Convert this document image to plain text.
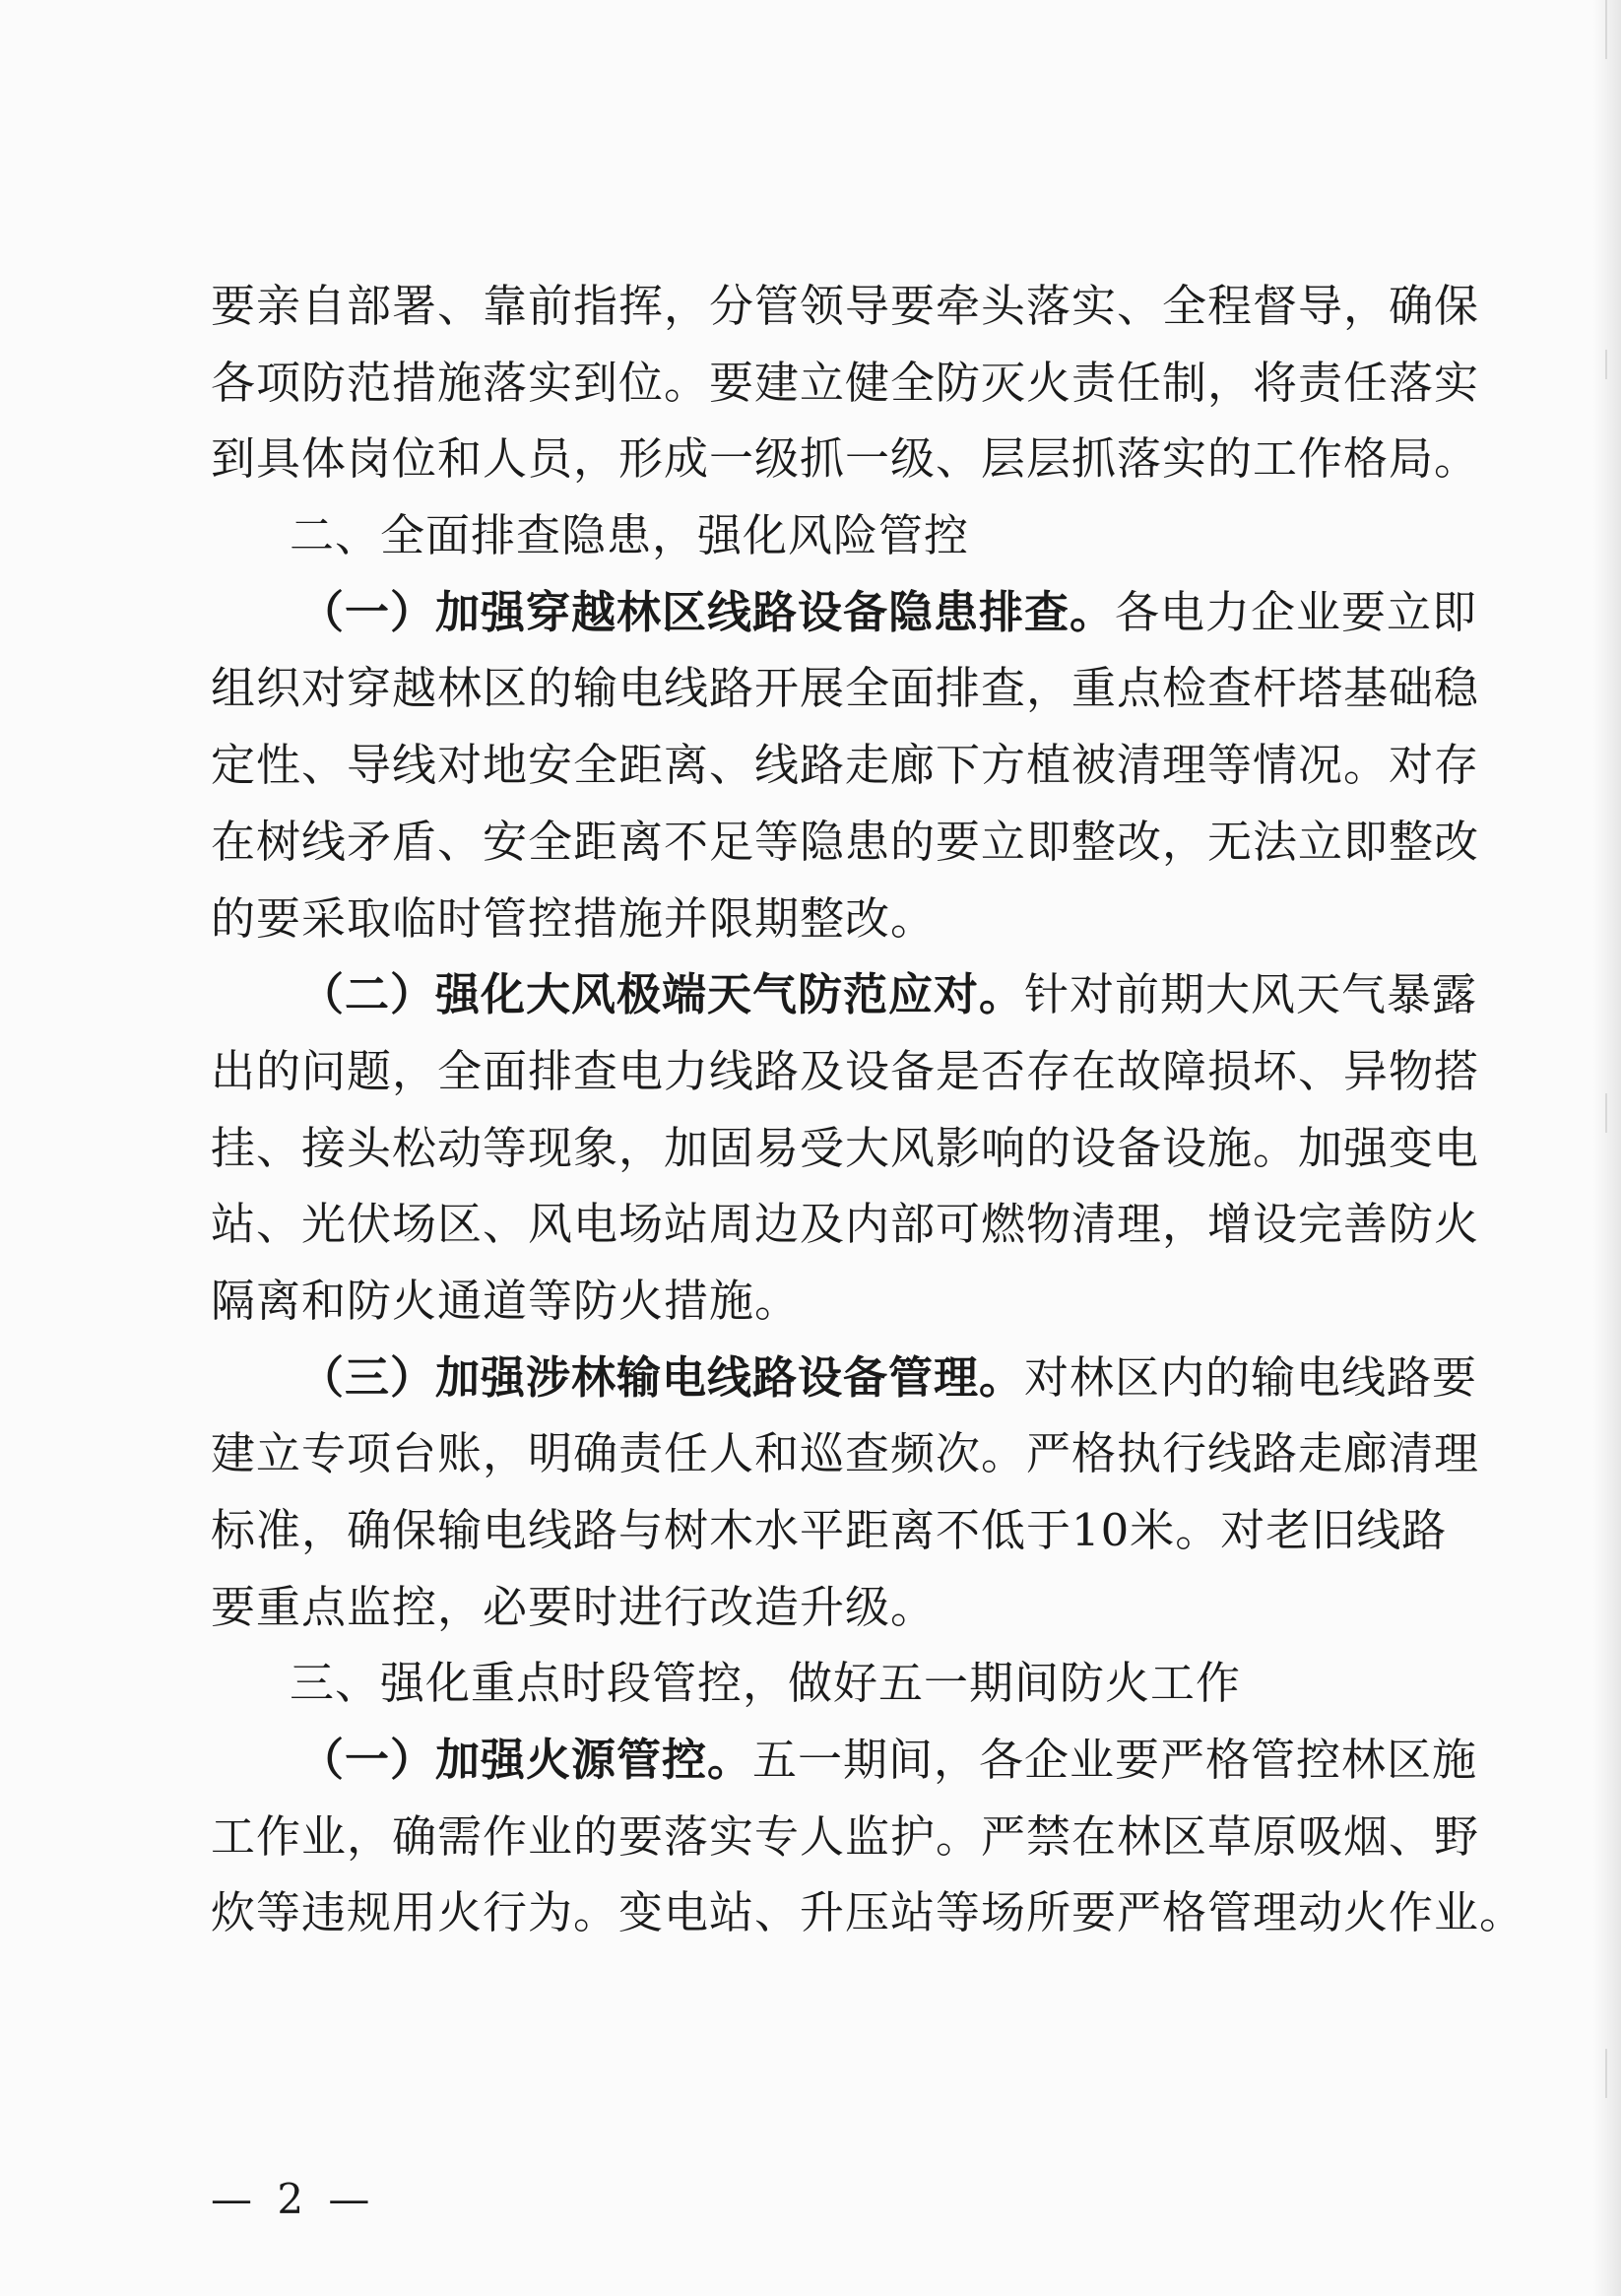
要亲自部署、靠前指挥，分管领导要牵头落实、全程督导，确保
各项防范措施落实到位。要建立健全防灭火责任制，将责任落实
到具体岗位和人员，形成一级抓一级、层层抓落实的工作格局。
二、全面排查隐患，强化风险管控
（一）加强穿越林区线路设备隐患排查。各电力企业要立即
组织对穿越林区的输电线路开展全面排查，重点检查杆塔基础稳
定性、导线对地安全距离、线路走廊下方植被清理等情况。对存
在树线矛盾、安全距离不足等隐患的要立即整改，无法立即整改
的要采取临时管控措施并限期整改。
（二）强化大风极端天气防范应对。针对前期大风天气暴露
出的问题，全面排查电力线路及设备是否存在故障损坏、异物搭
挂、接头松动等现象，加固易受大风影响的设备设施。加强变电
站、光伏场区、风电场站周边及内部可燃物清理，增设完善防火
隔离和防火通道等防火措施。
（三）加强涉林输电线路设备管理。对林区内的输电线路要
建立专项台账，明确责任人和巡查频次。严格执行线路走廊清理
标准，确保输电线路与树木水平距离不低于10米。对老旧线路
要重点监控，必要时进行改造升级。
三、强化重点时段管控，做好五一期间防火工作
（一）加强火源管控。五一期间，各企业要严格管控林区施
工作业，确需作业的要落实专人监护。严禁在林区草原吸烟、野
炊等违规用火行为。变电站、升压站等场所要严格管理动火作业。
— 2 —
